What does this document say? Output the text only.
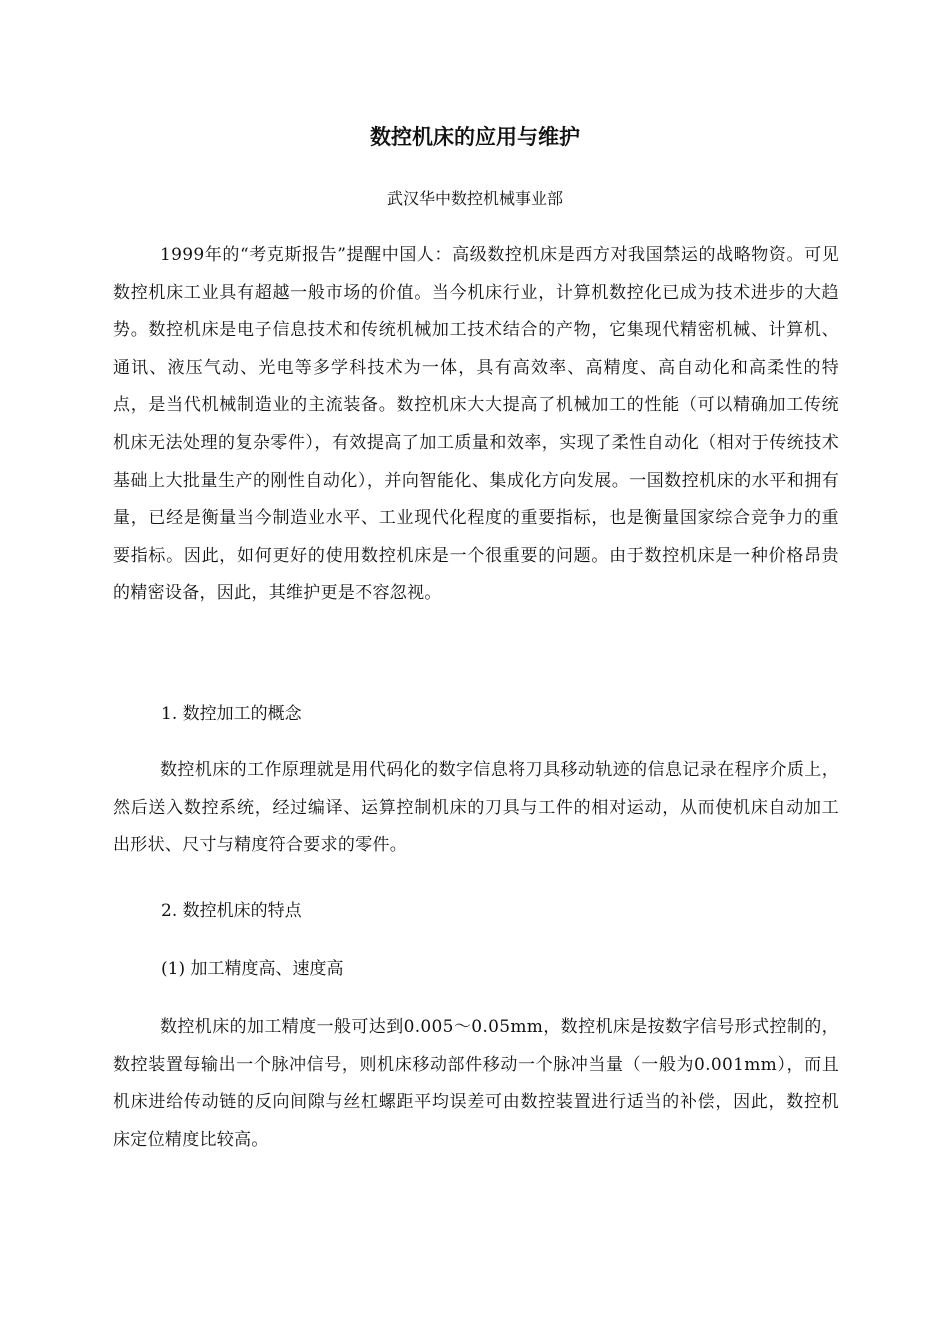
数控机床的应用与维护

武汉华中数控机械事业部

1999年的“考克斯报告”提醒中国人：高级数控机床是西方对我国禁运的战略物资。可见数控机床工业具有超越一般市场的价值。当今机床行业，计算机数控化已成为技术进步的大趋势。数控机床是电子信息技术和传统机械加工技术结合的产物，它集现代精密机械、计算机、通讯、液压气动、光电等多学科技术为一体，具有高效率、高精度、高自动化和高柔性的特点，是当代机械制造业的主流装备。数控机床大大提高了机械加工的性能（可以精确加工传统机床无法处理的复杂零件），有效提高了加工质量和效率，实现了柔性自动化（相对于传统技术基础上大批量生产的刚性自动化），并向智能化、集成化方向发展。一国数控机床的水平和拥有量，已经是衡量当今制造业水平、工业现代化程度的重要指标，也是衡量国家综合竞争力的重要指标。因此，如何更好的使用数控机床是一个很重要的问题。由于数控机床是一种价格昂贵的精密设备，因此，其维护更是不容忽视。

1. 数控加工的概念

数控机床的工作原理就是用代码化的数字信息将刀具移动轨迹的信息记录在程序介质上，然后送入数控系统，经过编译、运算控制机床的刀具与工件的相对运动，从而使机床自动加工出形状、尺寸与精度符合要求的零件。

2. 数控机床的特点

(1) 加工精度高、速度高

数控机床的加工精度一般可达到0.005～0.05mm，数控机床是按数字信号形式控制的，数控装置每输出一个脉冲信号，则机床移动部件移动一个脉冲当量（一般为0.001mm），而且机床进给传动链的反向间隙与丝杠螺距平均误差可由数控装置进行适当的补偿，因此，数控机床定位精度比较高。
